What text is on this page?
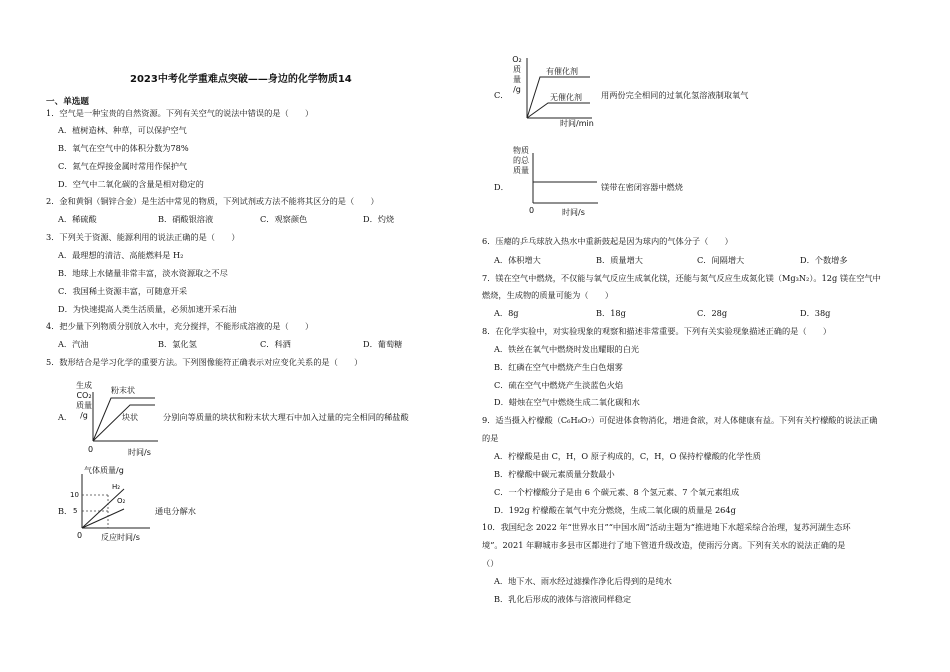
2023中考化学重难点突破——身边的化学物质14
一、单选题
1．空气是一种宝贵的自然资源。下列有关空气的说法中错误的是（　　）
A．植树造林、种草，可以保护空气
B．氧气在空气中的体积分数为78%
C．氮气在焊接金属时常用作保护气
D．空气中二氧化碳的含量是相对稳定的
2．金和黄铜（铜锌合金）是生活中常见的物质，下列试剂或方法不能将其区分的是（　　）
A．稀硫酸	B．硝酸银溶液	C．观察颜色	D．灼烧
3．下列关于资源、能源利用的说法正确的是（　　）
A．最理想的清洁、高能燃料是 H₂
B．地球上水储量非常丰富，淡水资源取之不尽
C．我国稀土资源丰富，可随意开采
D．为快速提高人类生活质量，必须加速开采石油
4．把少量下列物质分别放入水中，充分搅拌，不能形成溶液的是（　　）
A．汽油	B．氯化氢	C．科洒	D．葡萄糖
5．数形结合是学习化学的重要方法。下列图像能符正确表示对应变化关系的是（　　）
A．
生成
CO₂
质量
/g
粉末状
块状
0	时间/s
分别向等质量的块状和粉末状大理石中加入过量的完全相同的稀盐酸
B．
气体质量/g
10
5
H₂
O₂
0 反应时间/s
通电分解水
C．
O₂
质
量
/g
有催化剂
无催化剂
时间/min
用两份完全相同的过氧化氢溶液制取氧气
D．
物质
的总
质量
0	时间/s
镁带在密闭容器中燃烧
6．压瘪的乒乓球放入热水中重新鼓起是因为球内的气体分子（　　）
A．体积增大	B．质量增大	C．间隔增大	D．个数增多
7．镁在空气中燃烧，不仅能与氧气反应生成氧化镁，还能与氮气反应生成氮化镁（Mg₃N₂）。12g 镁在空气中
燃烧，生成物的质量可能为（　　）
A．8g	B．18g	C．28g	D．38g
8．在化学实验中，对实验现象的观察和描述非常重要。下列有关实验现象描述正确的是（　　）
A．铁丝在氧气中燃烧时发出耀眼的白光
B．红磷在空气中燃烧产生白色烟雾
C．硫在空气中燃烧产生淡蓝色火焰
D．蜡烛在空气中燃烧生成二氧化碳和水
9．适当摄入柠檬酸（C₆H₈O₇）可促进体食物消化，增进食欲，对人体健康有益。下列有关柠檬酸的说法正确
的是
A．柠檬酸是由 C，H，O 原子构成的，C，H，O 保持柠檬酸的化学性质
B．柠檬酸中碳元素质量分数最小
C．一个柠檬酸分子是由 6 个碳元素、8 个氢元素、7 个氧元素组成
D．192g 柠檬酸在氧气中充分燃烧，生成二氧化碳的质量是 264g
10．我国纪念 2022 年“世界水日”“中国水周”活动主题为“推进地下水超采综合治理，复苏河湖生态环
境”。2021 年聊城市多县市区都进行了地下管道升级改造，使雨污分离。下列有关水的说法正确的是
（）
A．地下水、雨水经过滤操作净化后得到的是纯水
B．乳化后形成的液体与溶液同样稳定
